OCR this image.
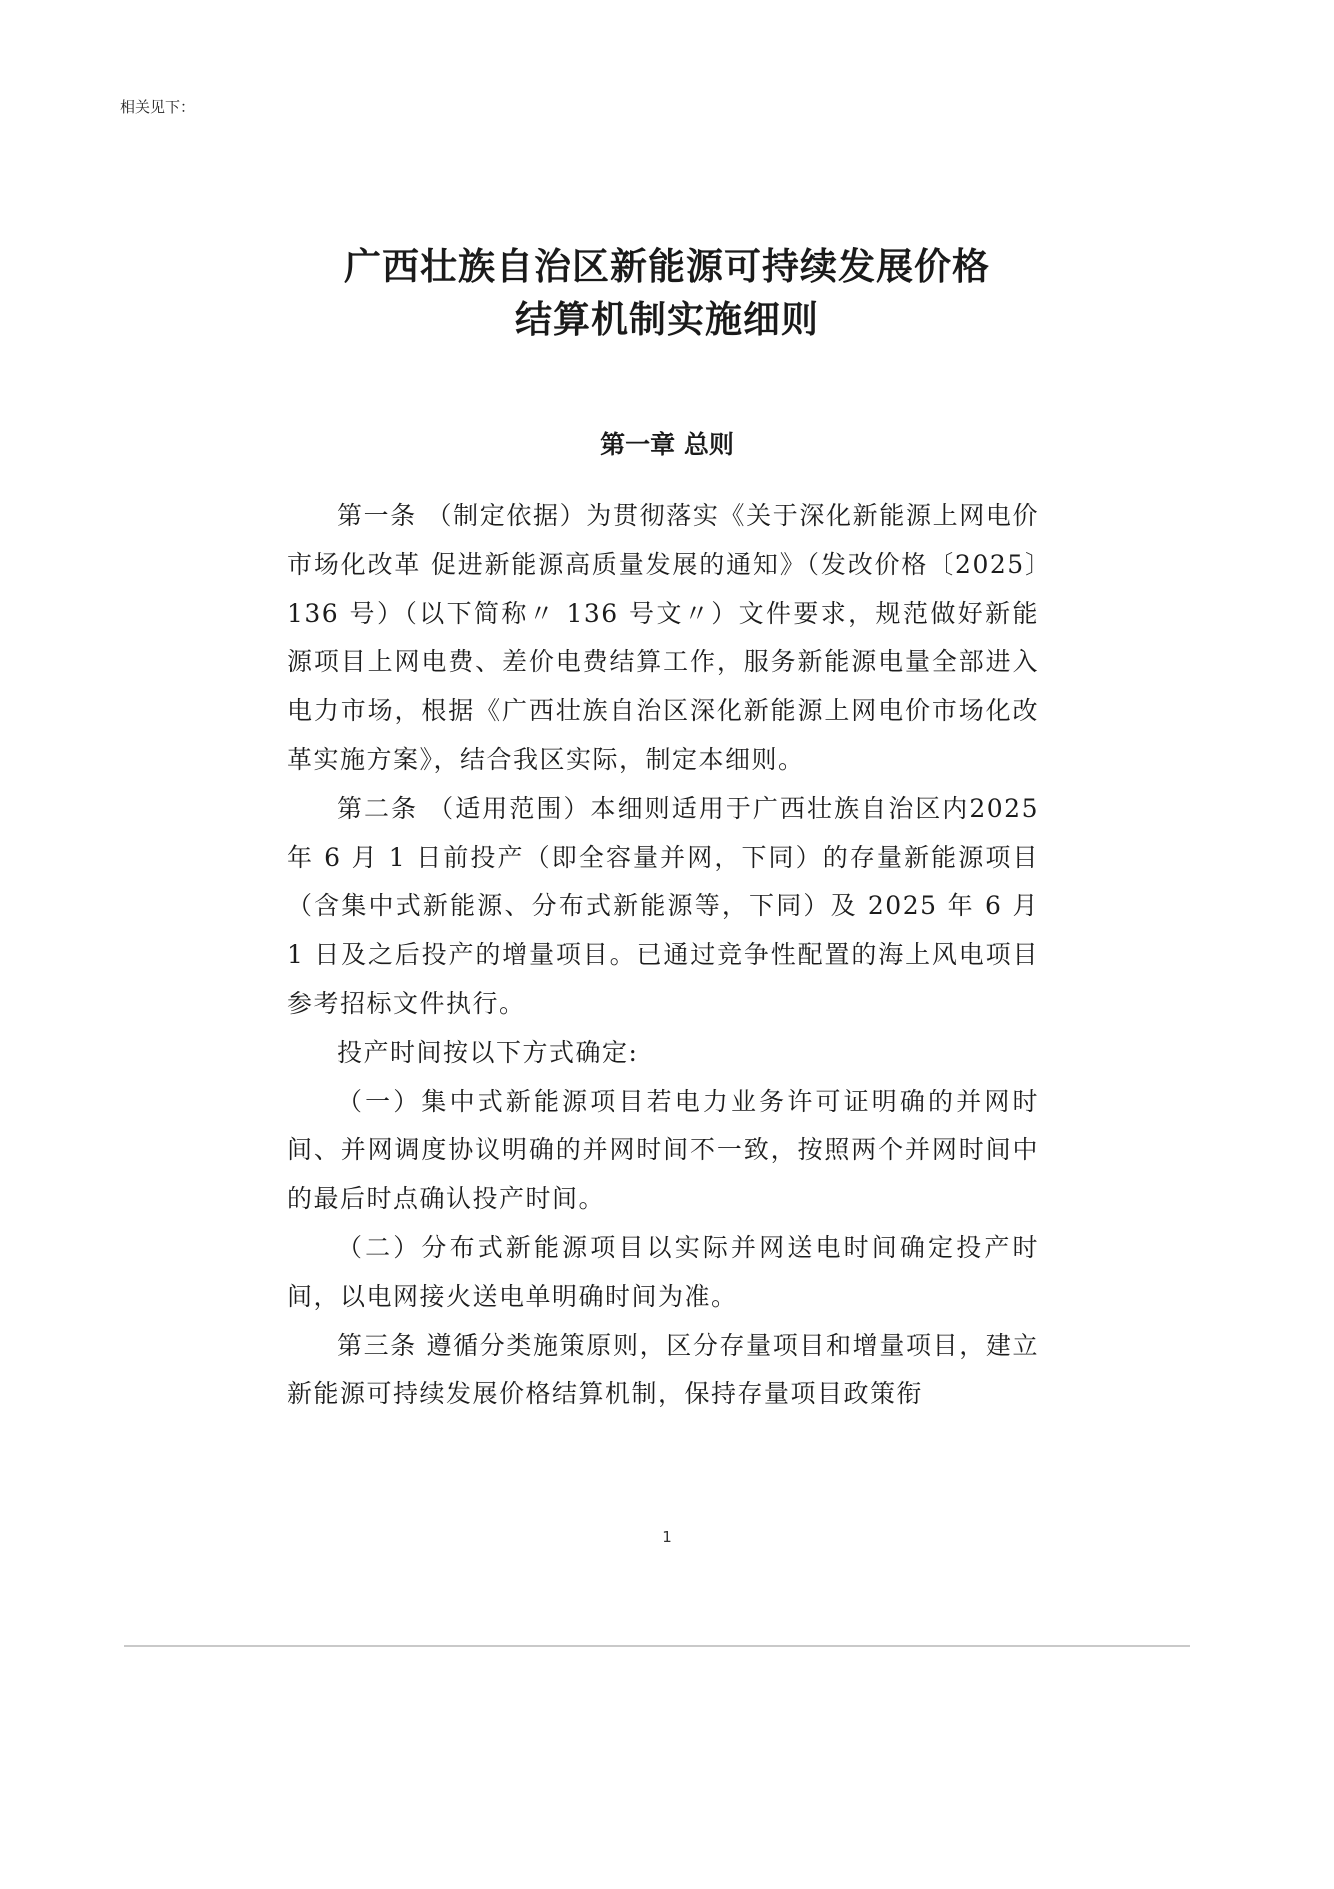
相关见下：
广西壮族自治区新能源可持续发展价格
结算机制实施细则
第一章 总则

第一条 （制定依据）为贯彻落实《关于深化新能源上网电价市场化改革 促进新能源高质量发展的通知》（发改价格〔2025〕136 号）（以下简称〃 136 号文〃）文件要求，规范做好新能源项目上网电费、差价电费结算工作，服务新能源电量全部进入电力市场，根据《广西壮族自治区深化新能源上网电价市场化改革实施方案》，结合我区实际，制定本细则。

第二条 （适用范围）本细则适用于广西壮族自治区内2025 年 6 月 1 日前投产（即全容量并网，下同）的存量新能源项目（含集中式新能源、分布式新能源等，下同）及 2025 年 6 月 1 日及之后投产的增量项目。已通过竞争性配置的海上风电项目参考招标文件执行。

投产时间按以下方式确定:

（一）集中式新能源项目若电力业务许可证明确的并网时间、并网调度协议明确的并网时间不一致，按照两个并网时间中的最后时点确认投产时间。

（二）分布式新能源项目以实际并网送电时间确定投产时间，以电网接火送电单明确时间为准。

第三条 遵循分类施策原则，区分存量项目和增量项目，建立新能源可持续发展价格结算机制，保持存量项目政策衔

1
